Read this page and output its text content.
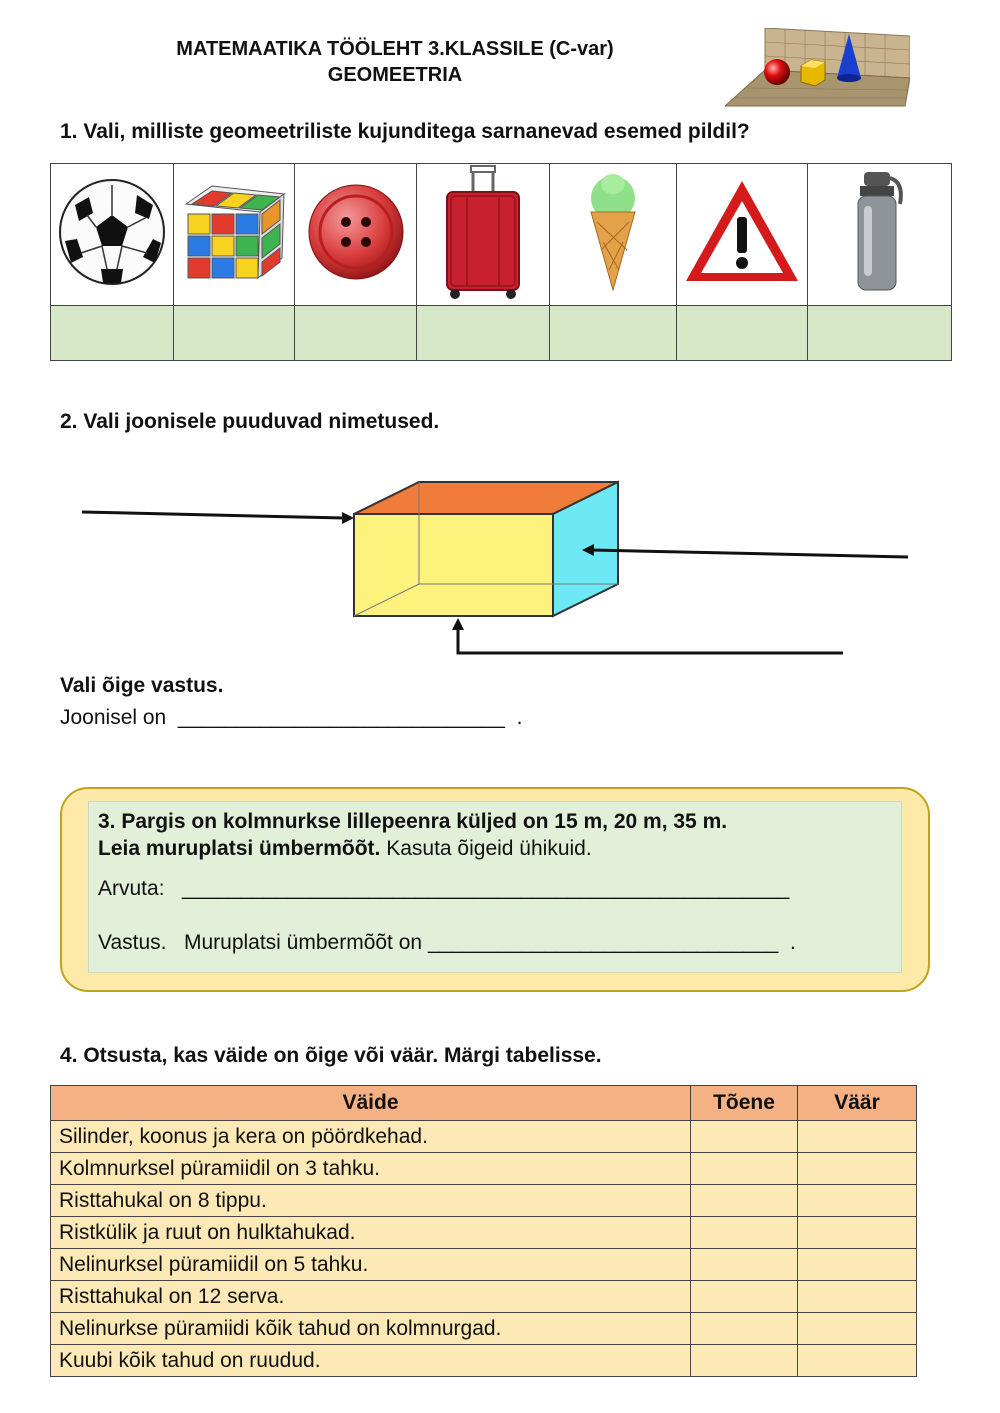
MATEMAATIKA TÖÖLEHT 3.KLASSILE (C-var)
GEOMEETRIA
1. Vali, milliste geomeetriliste kujunditega sarnanevad esemed pildil?

2. Vali joonisele puuduvad nimetused.
Vali õige vastus.
Joonisel on ____________________________ .
3. Pargis on kolmnurkse lillepeenra küljed on 15 m, 20 m, 35 m.
Leia muruplatsi ümbermõõt. Kasuta õigeid ühikuid.
Arvuta: ____________________________________________________
Vastus.   Muruplatsi ümbermõõt on ______________________________ .
4. Otsusta, kas väide on õige või väär. Märgi tabelisse.
Väide	Tõene	Väär
Silinder, koonus ja kera on pöördkehad.		
Kolmnurksel püramiidil on 3 tahku.		
Risttahukal on 8 tippu.		
Ristkülik ja ruut on hulktahukad.		
Nelinurksel püramiidil on 5 tahku.		
Risttahukal on 12 serva.		
Nelinurkse püramiidi kõik tahud on kolmnurgad.		
Kuubi kõik tahud on ruudud.		
